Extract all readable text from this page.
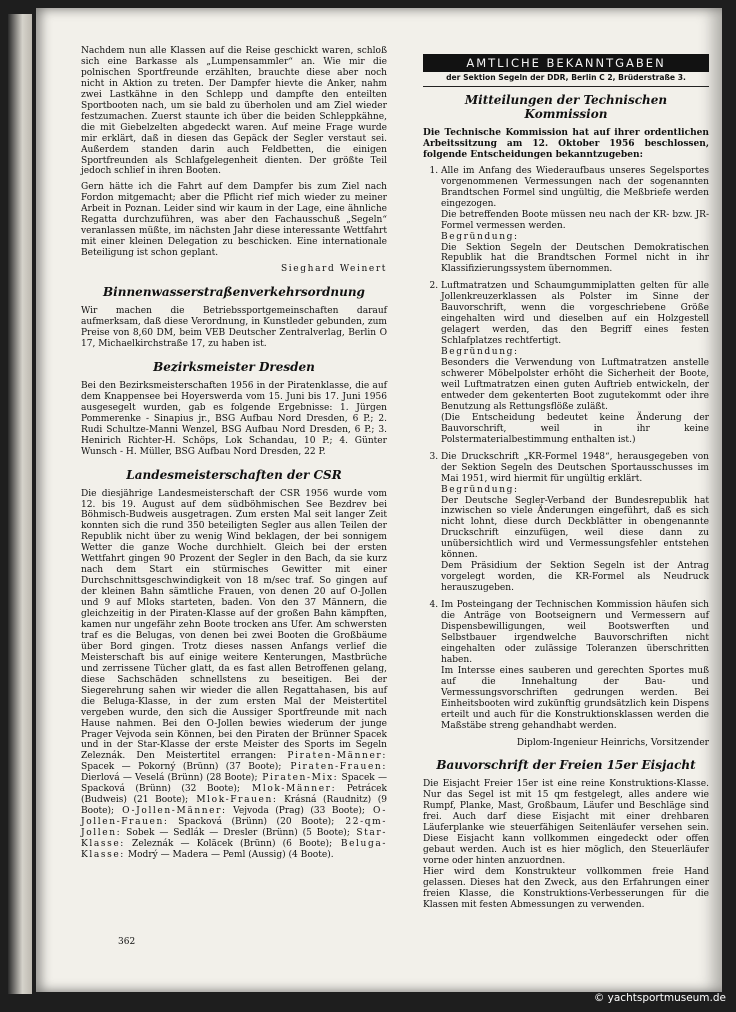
Nachdem nun alle Klassen auf die Reise geschickt waren, schloß sich eine Barkasse als „Lumpensammler“ an. Wie mir die polnischen Sportfreunde erzählten, brauchte diese aber noch nicht in Aktion zu treten. Der Dampfer hievte die Anker, nahm zwei Lastkähne in den Schlepp und dampfte den enteilten Sportbooten nach, um sie bald zu überholen und am Ziel wieder festzumachen. Zuerst staunte ich über die beiden Schleppkähne, die mit Giebelzelten abgedeckt waren. Auf meine Frage wurde mir erklärt, daß in diesen das Gepäck der Segler verstaut sei. Außerdem standen darin auch Feldbetten, die einigen Sportfreunden als Schlafgelegenheit dienten. Der größte Teil jedoch schlief in ihren Booten.

Gern hätte ich die Fahrt auf dem Dampfer bis zum Ziel nach Fordon mitgemacht; aber die Pflicht rief mich wieder zu meiner Arbeit in Poznan. Leider sind wir kaum in der Lage, eine ähnliche Regatta durchzuführen, was aber den Fachausschuß „Segeln“ veranlassen müßte, im nächsten Jahr diese interessante Wettfahrt mit einer kleinen Delegation zu beschicken. Eine internationale Beteiligung ist schon geplant.

Sieghard Weinert

Binnenwasserstraßenverkehrsordnung

Wir machen die Betriebssportgemeinschaften darauf aufmerksam, daß diese Verordnung, in Kunstleder gebunden, zum Preise von 8,60 DM, beim VEB Deutscher Zentralverlag, Berlin O 17, Michaelkirchstraße 17, zu haben ist.

Bezirksmeister Dresden

Bei den Bezirksmeisterschaften 1956 in der Piratenklasse, die auf dem Knappensee bei Hoyerswerda vom 15. Juni bis 17. Juni 1956 ausgesegelt wurden, gab es folgende Ergebnisse: 1. Jürgen Pommerenke - Sinapius jr., BSG Aufbau Nord Dresden, 6 P.; 2. Rudi Schultze-Manni Wenzel, BSG Aufbau Nord Dresden, 6 P.; 3. Henirich Richter-H. Schöps, Lok Schandau, 10 P.; 4. Günter Wunsch - H. Müller, BSG Aufbau Nord Dresden, 22 P.

Landesmeisterschaften der CSR

Die diesjährige Landesmeisterschaft der CSR 1956 wurde vom 12. bis 19. August auf dem südböhmischen See Bezdrev bei Böhmisch-Budweis ausgetragen. Zum ersten Mal seit langer Zeit konnten sich die rund 350 beteiligten Segler aus allen Teilen der Republik nicht über zu wenig Wind beklagen, der bei sonnigem Wetter die ganze Woche durchhielt. Gleich bei der ersten Wettfahrt gingen 90 Prozent der Segler in den Bach, da sie kurz nach dem Start ein stürmisches Gewitter mit einer Durchschnittsgeschwindigkeit von 18 m/sec traf. So gingen auf der kleinen Bahn sämtliche Frauen, von denen 20 auf O-Jollen und 9 auf Mloks starteten, baden. Von den 37 Männern, die gleichzeitig in der Piraten-Klasse auf der großen Bahn kämpften, kamen nur ungefähr zehn Boote trocken ans Ufer. Am schwersten traf es die Belugas, von denen bei zwei Booten die Großbäume über Bord gingen. Trotz dieses nassen Anfangs verlief die Meisterschaft bis auf einige weitere Kenterungen, Mastbrüche und zerrissene Tücher glatt, da es fast allen Betroffenen gelang, diese Sachschäden schnellstens zu beseitigen. Bei der Siegerehrung sahen wir wieder die allen Regattahasen, bis auf die Beluga-Klasse, in der zum ersten Mal der Meistertitel vergeben wurde, den sich die Aussiger Sportfreunde mit nach Hause nahmen. Bei den O-Jollen bewies wiederum der junge Prager Vejvoda sein Können, bei den Piraten der Brünner Spacek und in der Star-Klasse der erste Meister des Sports im Segeln Zeleznák. Den Meistertitel errangen: Piraten-Männer: Spacek — Pokorný (Brünn) (37 Boote); Piraten-Frauen: Dierlová — Veselá (Brünn) (28 Boote); Piraten-Mix: Spacek — Spacková (Brünn) (32 Boote); Mlok-Männer: Petrácek (Budweis) (21 Boote); Mlok-Frauen: Krásná (Raudnitz) (9 Boote); O-Jollen-Männer: Vejvoda (Prag) (33 Boote); O-Jollen-Frauen: Spacková (Brünn) (20 Boote); 22-qm-Jollen: Sobek — Sedlák — Dresler (Brünn) (5 Boote); Star-Klasse: Zeleznák — Koläcek (Brünn) (6 Boote); Beluga-Klasse: Modrý — Madera — Peml (Aussig) (4 Boote).

AMTLICHE BEKANNTGABEN
der Sektion Segeln der DDR, Berlin C 2, Brüderstraße 3.
Mitteilungen der Technischen Kommission

Die Technische Kommission hat auf ihrer ordentlichen Arbeitssitzung am 12. Oktober 1956 beschlossen, folgende Entscheidungen bekanntzugeben:

1. Alle im Anfang des Wiederaufbaus unseres Segelsportes vorgenommenen Vermessungen nach der sogenannten Brandtschen Formel sind ungültig, die Meßbriefe werden eingezogen.
Die betreffenden Boote müssen neu nach der KR- bzw. JR-Formel vermessen werden.
Begründung:
Die Sektion Segeln der Deutschen Demokratischen Republik hat die Brandtschen Formel nicht in ihr Klassifizierungssystem übernommen.
2. Luftmatratzen und Schaumgummiplatten gelten für alle Jollenkreuzerklassen als Polster im Sinne der Bauvorschrift, wenn die vorgeschriebene Größe eingehalten wird und dieselben auf ein Holzgestell gelagert werden, das den Begriff eines festen Schlafplatzes rechtfertigt.
Begründung:
Besonders die Verwendung von Luftmatratzen anstelle schwerer Möbelpolster erhöht die Sicherheit der Boote, weil Luftmatratzen einen guten Auftrieb entwickeln, der entweder dem gekenterten Boot zugutekommt oder ihre Benutzung als Rettungsflöße zuläßt.
(Die Entscheidung bedeutet keine Änderung der Bauvorschrift, weil in ihr keine Polstermaterialbestimmung enthalten ist.)
3. Die Druckschrift „KR-Formel 1948“, herausgegeben von der Sektion Segeln des Deutschen Sportausschusses im Mai 1951, wird hiermit für ungültig erklärt.
Begründung:
Der Deutsche Segler-Verband der Bundesrepublik hat inzwischen so viele Änderungen eingeführt, daß es sich nicht lohnt, diese durch Deckblätter in obengenannte Druckschrift einzufügen, weil diese dann zu unübersichtlich wird und Vermessungsfehler entstehen können.
Dem Präsidium der Sektion Segeln ist der Antrag vorgelegt worden, die KR-Formel als Neudruck herauszugeben.
4. Im Posteingang der Technischen Kommission häufen sich die Anträge von Bootseignern und Vermessern auf Dispensbewilligungen, weil Bootswerften und Selbstbauer irgendwelche Bauvorschriften nicht eingehalten oder zulässige Toleranzen überschritten haben.
Im Intersse eines sauberen und gerechten Sportes muß auf die Innehaltung der Bau- und Vermessungsvorschriften gedrungen werden. Bei Einheitsbooten wird zukünftig grundsätzlich kein Dispens erteilt und auch für die Konstruktionsklassen werden die Maßstäbe streng gehandhabt werden.

Diplom-Ingenieur Heinrichs, Vorsitzender

Bauvorschrift der Freien 15er Eisjacht

Die Eisjacht Freier 15er ist eine reine Konstruktions-Klasse. Nur das Segel ist mit 15 qm festgelegt, alles andere wie Rumpf, Planke, Mast, Großbaum, Läufer und Beschläge sind frei. Auch darf diese Eisjacht mit einer drehbaren Läuferplanke wie steuerfähigen Seitenläufer versehen sein. Diese Eisjacht kann vollkommen eingedeckt oder offen gebaut werden. Auch ist es hier möglich, den Steuerläufer vorne oder hinten anzuordnen.

Hier wird dem Konstrukteur vollkommen freie Hand gelassen. Dieses hat den Zweck, aus den Erfahrungen einer freien Klasse, die Konstruktions-Verbesserungen für die Klassen mit festen Abmessungen zu verwenden.

362
© yachtsportmuseum.de
